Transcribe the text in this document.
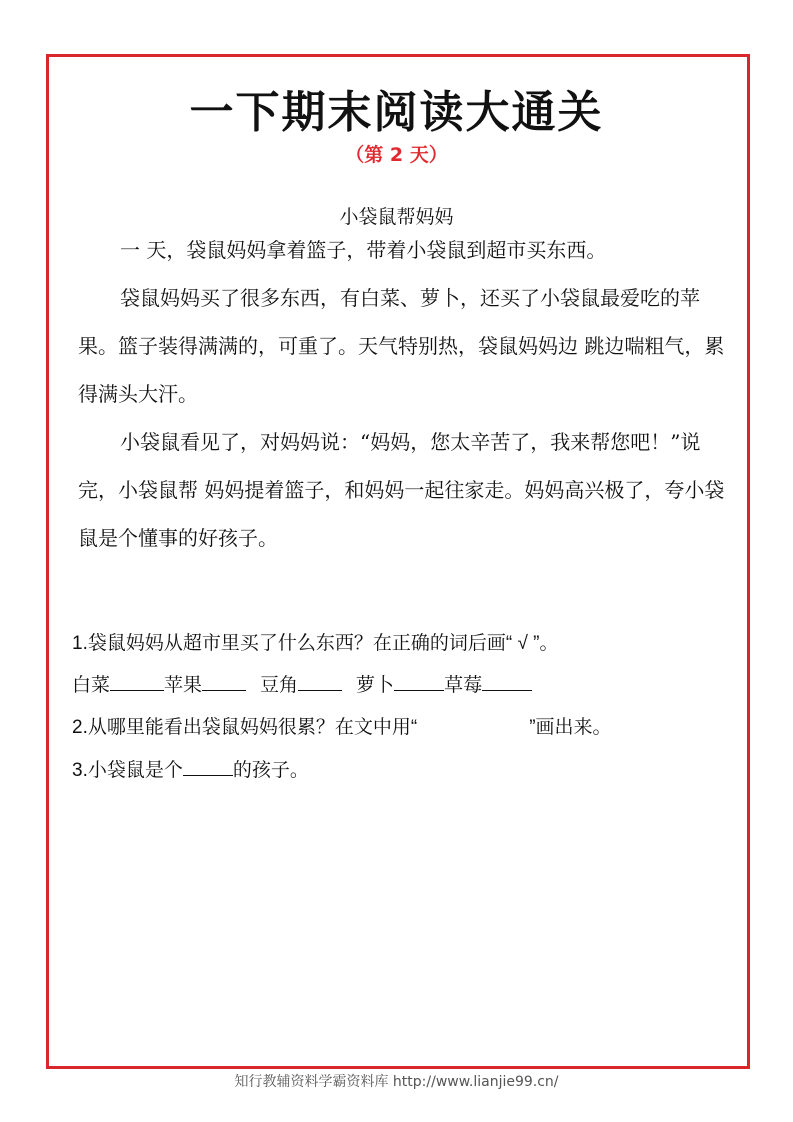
一下期末阅读大通关
（第 2 天）
小袋鼠帮妈妈
一 天，袋鼠妈妈拿着篮子，带着小袋鼠到超市买东西。
袋鼠妈妈买了很多东西，有白菜、萝卜，还买了小袋鼠最爱吃的苹果。篮子装得满满的，可重了。天气特别热，袋鼠妈妈边 跳边喘粗气，累得满头大汗。
小袋鼠看见了，对妈妈说：“妈妈，您太辛苦了，我来帮您吧！”说完，小袋鼠帮 妈妈提着篮子，和妈妈一起往家走。妈妈高兴极了，夸小袋鼠是个懂事的好孩子。
1.袋鼠妈妈从超市里买了什么东西？在正确的词后画“ √ ”。
白菜	苹果	豆角	萝卜	草莓
2.从哪里能看出袋鼠妈妈很累？在文中用“	”画出来。
3.小袋鼠是个	的孩子。
知行教辅资料学霸资料库 http://www.lianjie99.cn/
